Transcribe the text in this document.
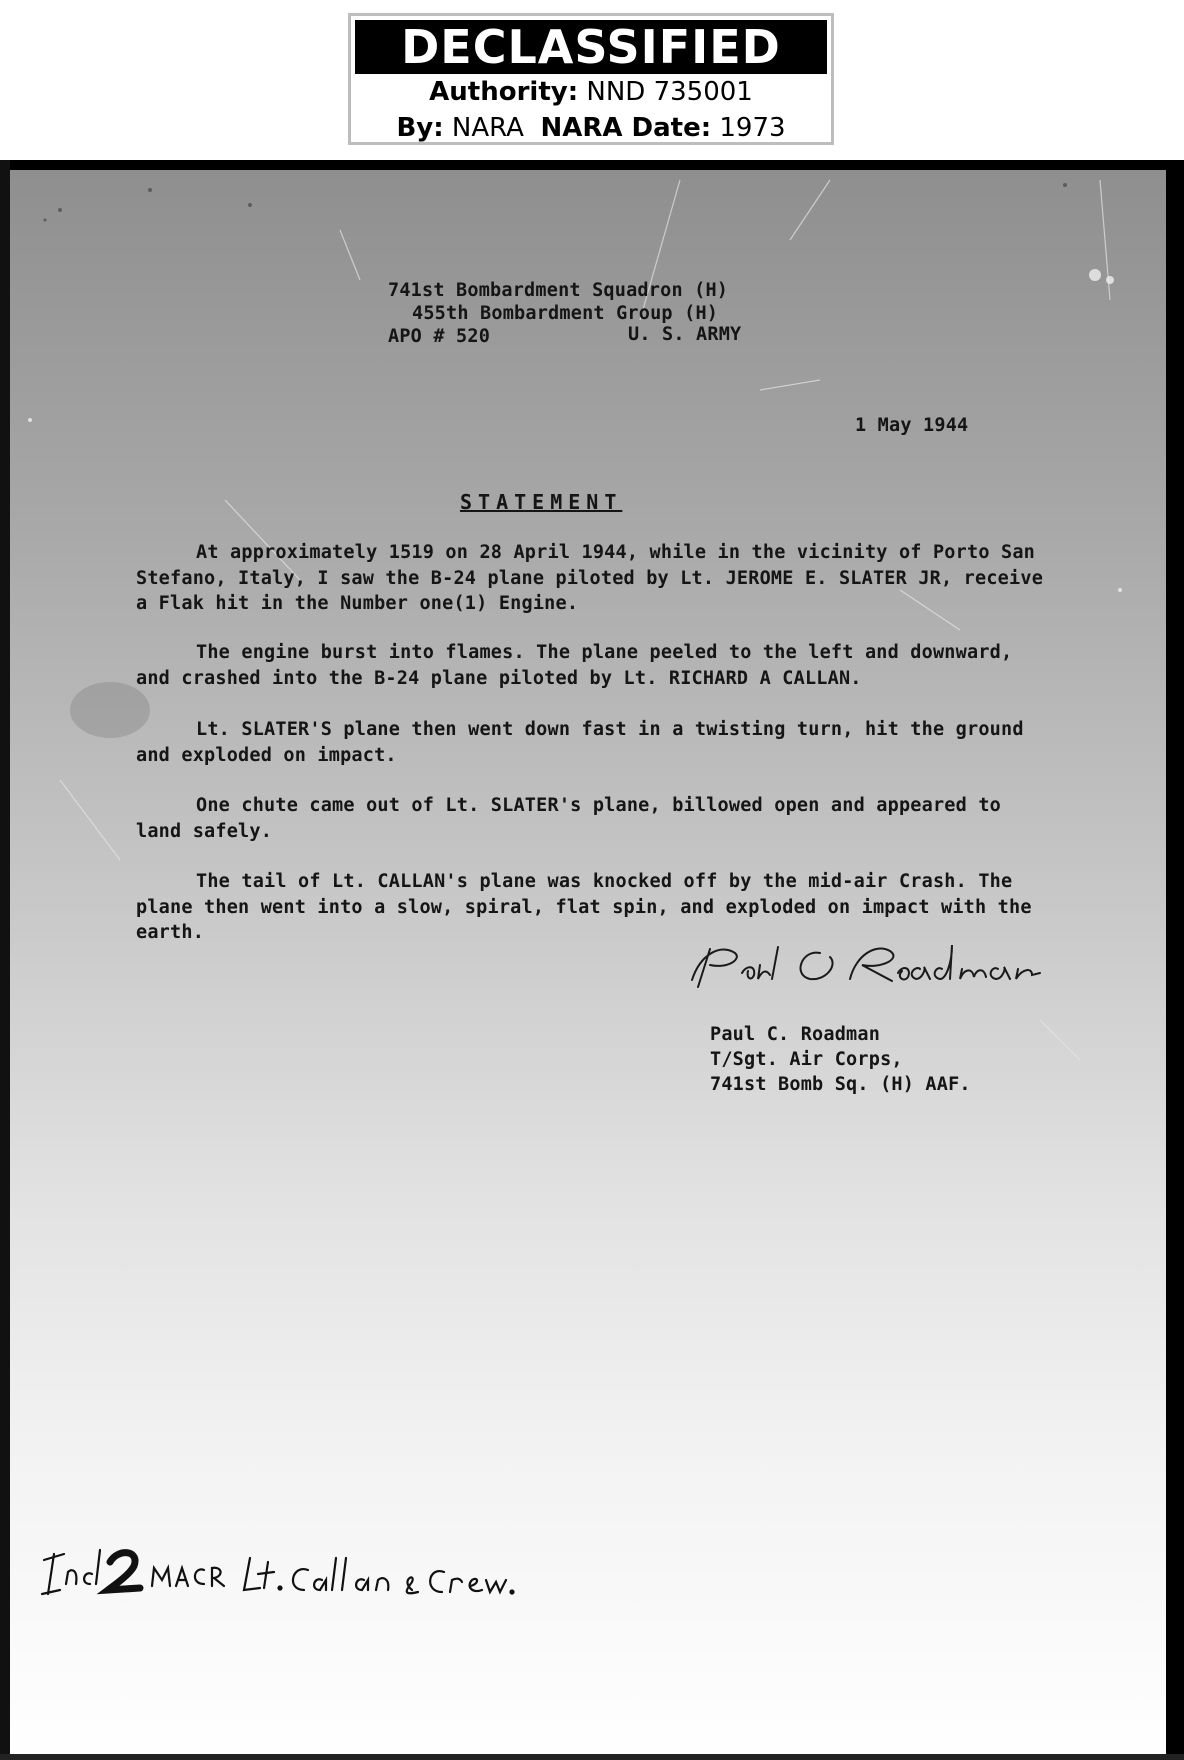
DECLASSIFIED
Authority: NND 735001
By: NARA NARA Date: 1973
741st Bombardment Squadron (H)
455th Bombardment Group (H)
APO # 520	U. S. ARMY
1 May 1944
STATEMENT
At approximately 1519 on 28 April 1944, while in the vicinity of Porto San Stefano, Italy, I saw the B-24 plane piloted by Lt. JEROME E. SLATER JR, receive a Flak hit in the Number one(1) Engine.
The engine burst into flames. The plane peeled to the left and downward, and crashed into the B-24 plane piloted by Lt. RICHARD A CALLAN.
Lt. SLATER'S plane then went down fast in a twisting turn, hit the ground and exploded on impact.
One chute came out of Lt. SLATER's plane, billowed open and appeared to land safely.
The tail of Lt. CALLAN's plane was knocked off by the mid-air Crash. The plane then went into a slow, spiral, flat spin, and exploded on impact with the earth.
Paul C. Roadman
T/Sgt. Air Corps,
741st Bomb Sq. (H) AAF.
